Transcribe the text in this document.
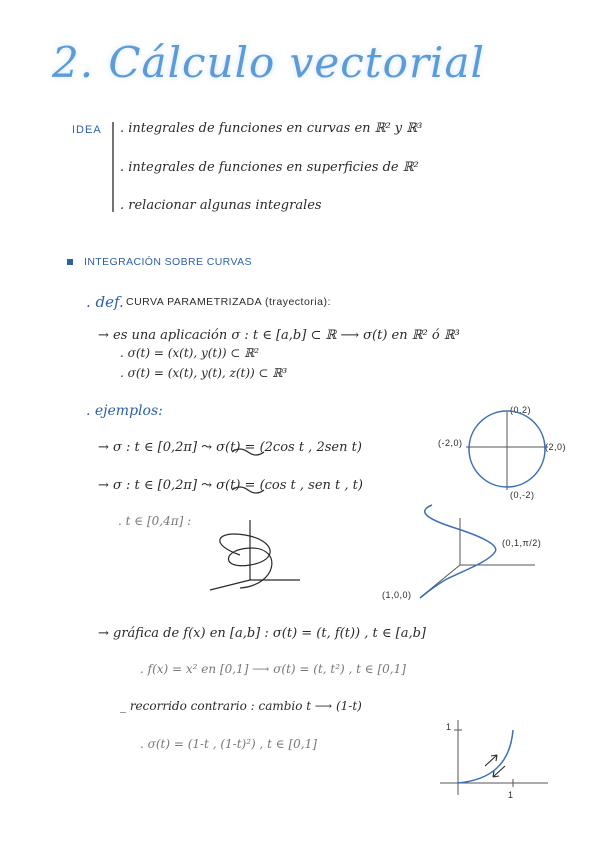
2. Cálculo vectorial
IDEA . integrales de funciones en curvas en ℝ² y ℝ³
. integrales de funciones en superficies de ℝ²
. relacionar algunas integrales
INTEGRACIÓN SOBRE CURVAS
. def. CURVA PARAMETRIZADA (trayectoria):
→ es una aplicación σ : t ∈ [a,b] ⊂ ℝ ⟶ σ(t) en ℝ² ó ℝ³
. σ(t) = (x(t), y(t)) ⊂ ℝ²
. σ(t) = (x(t), y(t), z(t)) ⊂ ℝ³
. ejemplos:
→ σ : t ∈ [0,2π] ⤳ σ(t) = (2cos t , 2sen t)
→ σ : t ∈ [0,2π] ⤳ σ(t) = (cos t , sen t , t)
. t ∈ [0,4π] :
(0,2)
(-2,0)	(2,0)
(0,-2)
(0,1,π/2)
(1,0,0)
→ gráfica de f(x) en [a,b] : σ(t) = (t, f(t)) , t ∈ [a,b]
. f(x) = x² en [0,1] ⟶ σ(t) = (t, t²) , t ∈ [0,1]
_ recorrido contrario : cambio t ⟶ (1-t)
. σ(t) = (1-t , (1-t)²) , t ∈ [0,1]
1
1
